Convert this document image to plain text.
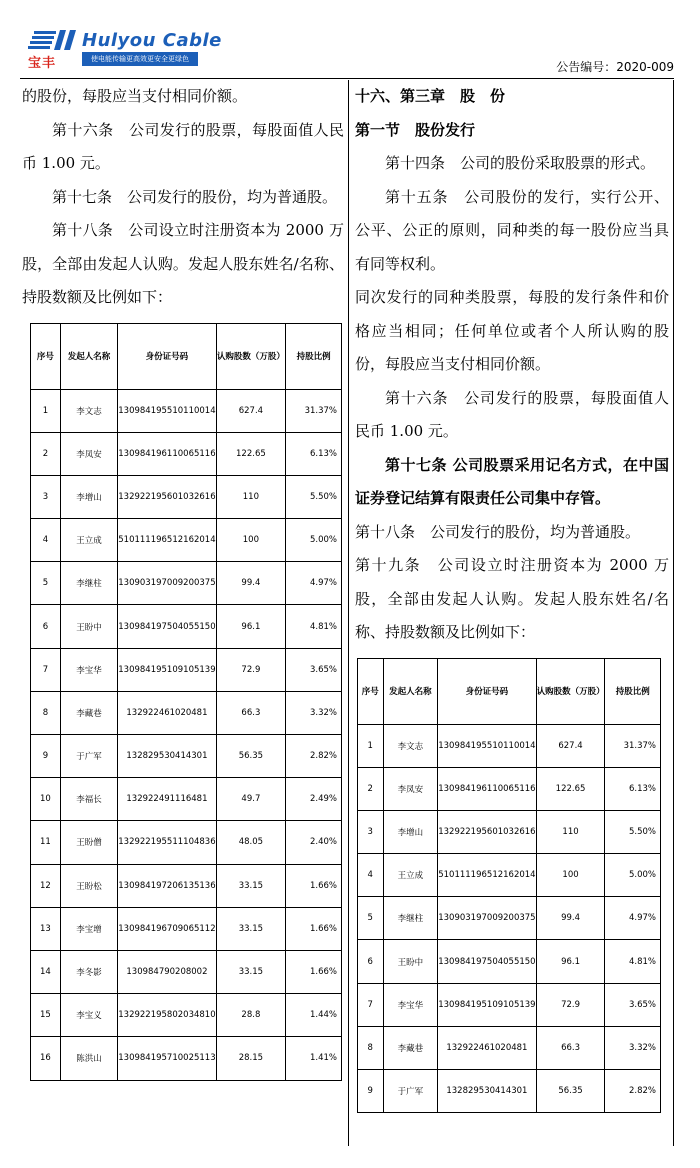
宝丰
Hulyou Cable
使电能传输更高效更安全更绿色
公告编号：2020-009

的股份，每股应当支付相同价额。

第十六条　公司发行的股票，每股面值人民币 1.00 元。

第十七条　公司发行的股份，均为普通股。

第十八条　公司设立时注册资本为 2000 万股，全部由发起人认购。发起人股东姓名/名称、持股数额及比例如下：

序号	发起人名称	身份证号码	认购股数（万股）	持股比例
1	李文志	130984195510110014	627.4	31.37%
2	李凤安	130984196110065116	122.65	6.13%
3	李增山	132922195601032616	110	5.50%
4	王立成	510111196512162014	100	5.00%
5	李继柱	130903197009200375	99.4	4.97%
6	王盼中	130984197504055150	96.1	4.81%
7	李宝华	130984195109105139	72.9	3.65%
8	李藏巷	132922461020481	66.3	3.32%
9	于广军	132829530414301	56.35	2.82%
10	李福长	132922491116481	49.7	2.49%
11	王盼僧	132922195511104836	48.05	2.40%
12	王盼松	130984197206135136	33.15	1.66%
13	李宝增	130984196709065112	33.15	1.66%
14	李冬影	130984790208002	33.15	1.66%
15	李宝义	132922195802034810	28.8	1.44%
16	陈洪山	130984195710025113	28.15	1.41%

十六、第三章　股　份

第一节　股份发行

第十四条　公司的股份采取股票的形式。

第十五条　公司股份的发行，实行公开、公平、公正的原则，同种类的每一股份应当具有同等权利。

同次发行的同种类股票，每股的发行条件和价格应当相同；任何单位或者个人所认购的股份，每股应当支付相同价额。

第十六条　公司发行的股票，每股面值人民币 1.00 元。

第十七条 公司股票采用记名方式，在中国证券登记结算有限责任公司集中存管。

第十八条　公司发行的股份，均为普通股。

第十九条　公司设立时注册资本为 2000 万股，全部由发起人认购。发起人股东姓名/名称、持股数额及比例如下：

序号	发起人名称	身份证号码	认购股数（万股）	持股比例
1	李文志	130984195510110014	627.4	31.37%
2	李凤安	130984196110065116	122.65	6.13%
3	李增山	132922195601032616	110	5.50%
4	王立成	510111196512162014	100	5.00%
5	李继柱	130903197009200375	99.4	4.97%
6	王盼中	130984197504055150	96.1	4.81%
7	李宝华	130984195109105139	72.9	3.65%
8	李藏巷	132922461020481	66.3	3.32%
9	于广军	132829530414301	56.35	2.82%
